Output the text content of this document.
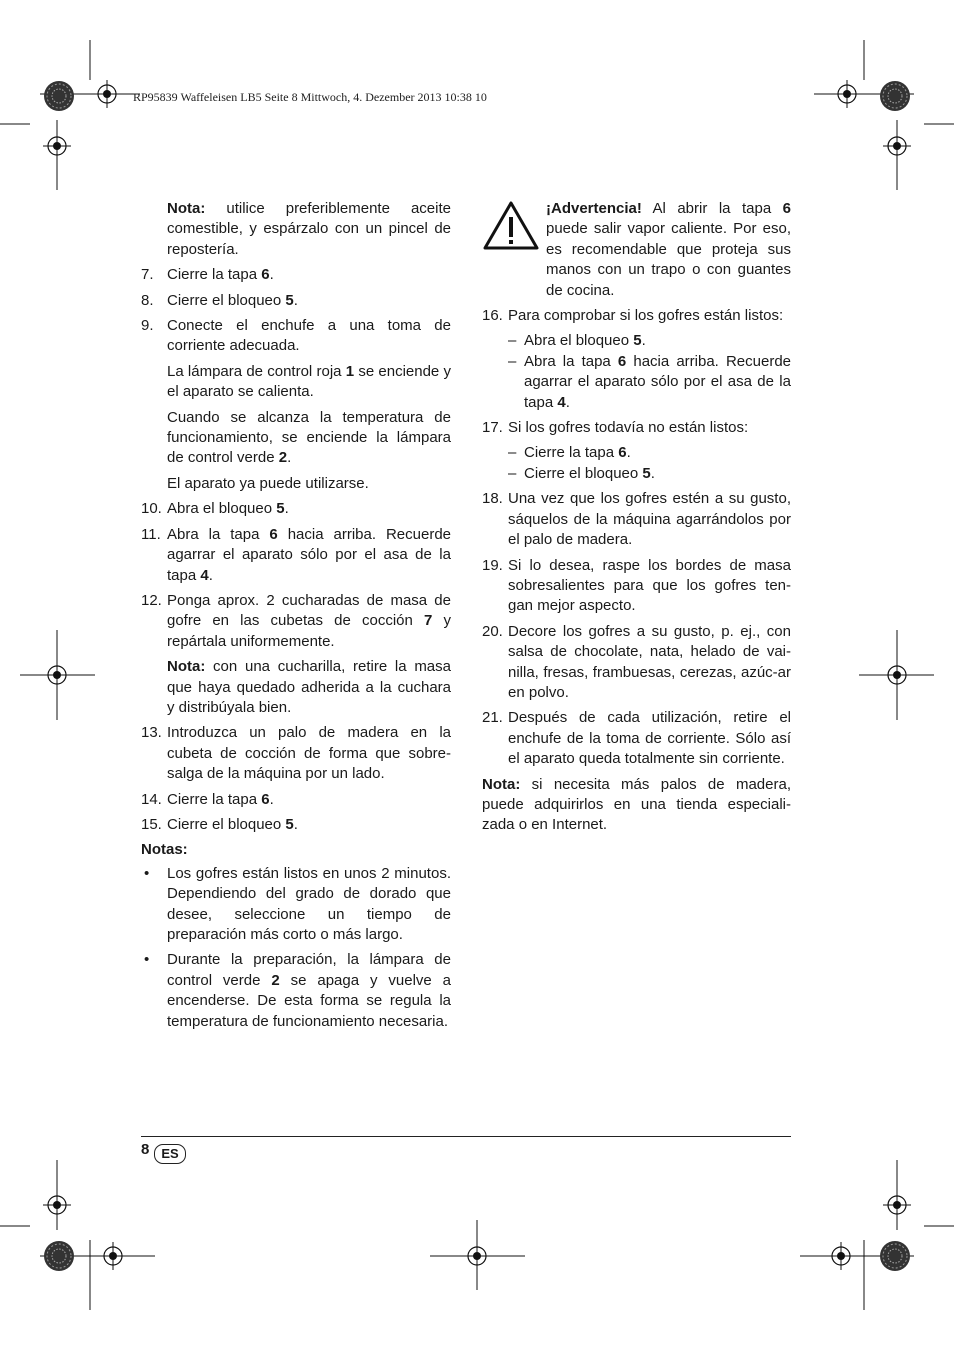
RP95839 Waffeleisen LB5 Seite 8 Mittwoch, 4. Dezember 2013 10:38 10
Nota: utilice preferiblemente aceite comestible, y espárzalo con un pincel de repostería.
7. Cierre la tapa 6.
8. Cierre el bloqueo 5.
9. Conecte el enchufe a una toma de corriente adecuada.
La lámpara de control roja 1 se enciende y el aparato se calienta.
Cuando se alcanza la temperatura de funcionamiento, se enciende la lámpara de control verde 2.
El aparato ya puede utilizarse.
10. Abra el bloqueo 5.
11. Abra la tapa 6 hacia arriba. Recuerde agarrar el aparato sólo por el asa de la tapa 4.
12. Ponga aprox. 2 cucharadas de masa de gofre en las cubetas de cocción 7 y repártala uniformemente.
Nota: con una cucharilla, retire la masa que haya quedado adherida a la cuchara y distribúyala bien.
13. Introduzca un palo de madera en la cubeta de cocción de forma que sobre-salga de la máquina por un lado.
14. Cierre la tapa 6.
15. Cierre el bloqueo 5.
Notas:
•	Los gofres están listos en unos 2 minutos. Dependiendo del grado de dorado que desee, seleccione un tiempo de preparación más corto o más largo.
•	Durante la preparación, la lámpara de control verde 2 se apaga y vuelve a encenderse. De esta forma se regula la temperatura de funcionamiento necesaria.
¡Advertencia! Al abrir la tapa 6 puede salir vapor caliente. Por eso, es recomendable que proteja sus manos con un trapo o con guantes de cocina.
16. Para comprobar si los gofres están listos:
– Abra el bloqueo 5.
– Abra la tapa 6 hacia arriba. Recuerde agarrar el aparato sólo por el asa de la tapa 4.
17. Si los gofres todavía no están listos:
– Cierre la tapa 6.
– Cierre el bloqueo 5.
18. Una vez que los gofres estén a su gusto, sáquelos de la máquina agarrándolos por el palo de madera.
19. Si lo desea, raspe los bordes de masa sobresalientes para que los gofres ten-gan mejor aspecto.
20. Decore los gofres a su gusto, p. ej., con salsa de chocolate, nata, helado de vai-nilla, fresas, frambuesas, cerezas, azúc-ar en polvo.
21. Después de cada utilización, retire el enchufe de la toma de corriente. Sólo así el aparato queda totalmente sin corriente.
Nota: si necesita más palos de madera, puede adquirirlos en una tienda especiali-zada o en Internet.
8 ES
